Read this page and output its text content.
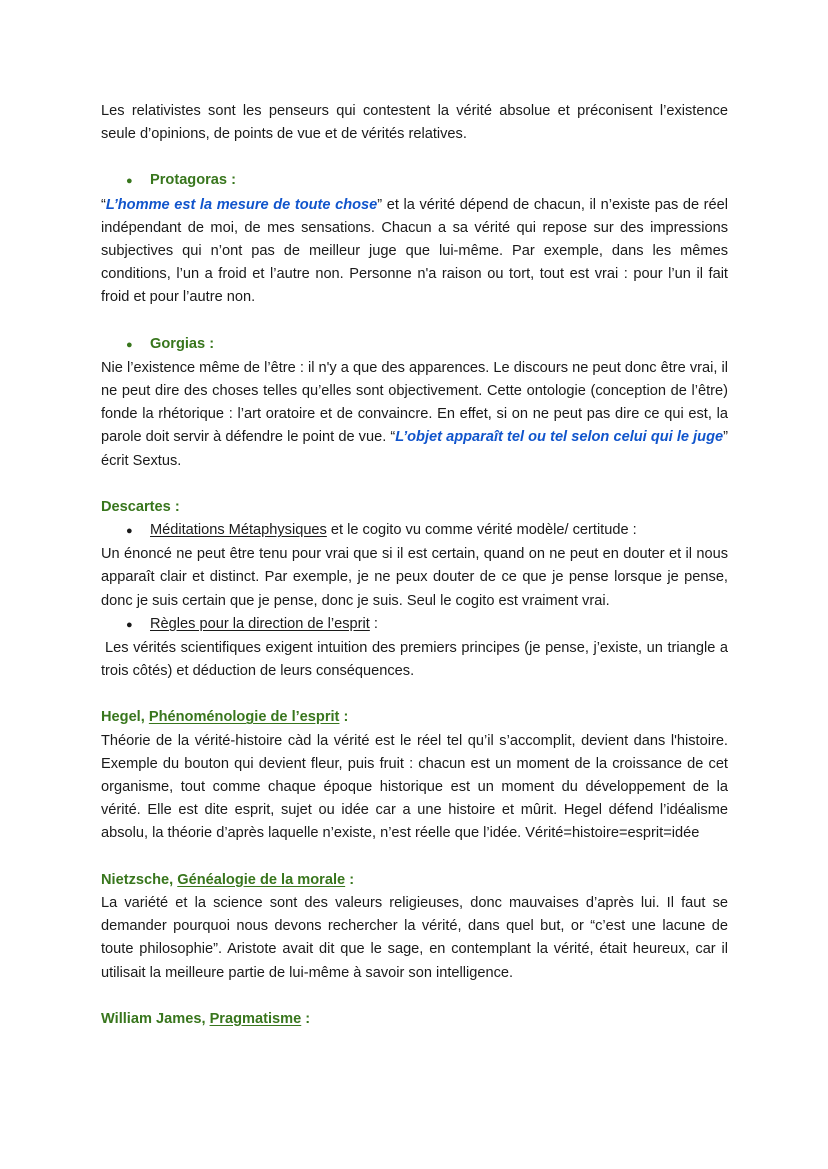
Les relativistes sont les penseurs qui contestent la vérité absolue et préconisent l’existence seule d’opinions, de points de vue et de vérités relatives.

●	Protagoras :

“L’homme est la mesure de toute chose” et la vérité dépend de chacun, il n’existe pas de réel indépendant de moi, de mes sensations. Chacun a sa vérité qui repose sur des impressions subjectives qui n’ont pas de meilleur juge que lui-même. Par exemple, dans les mêmes conditions, l’un a froid et l’autre non. Personne n'a raison ou tort, tout est vrai : pour l’un il fait froid et pour l’autre non.

●	Gorgias :

Nie l’existence même de l’être : il n'y a que des apparences. Le discours ne peut donc être vrai, il ne peut dire des choses telles qu’elles sont objectivement. Cette ontologie (conception de l’être) fonde la rhétorique : l’art oratoire et de convaincre. En effet, si on ne peut pas dire ce qui est, la parole doit servir à défendre le point de vue. “L’objet apparaît tel ou tel selon celui qui le juge” écrit Sextus.

Descartes :
●	Méditations Métaphysiques et le cogito vu comme vérité modèle/ certitude :

Un énoncé ne peut être tenu pour vrai que si il est certain, quand on ne peut en douter et il nous apparaît clair et distinct. Par exemple, je ne peux douter de ce que je pense lorsque je pense, donc je suis certain que je pense, donc je suis. Seul le cogito est vraiment vrai.

●	Règles pour la direction de l’esprit :

Les vérités scientifiques exigent intuition des premiers principes (je pense, j’existe, un triangle a trois côtés) et déduction de leurs conséquences.

Hegel, Phénoménologie de l’esprit :

Théorie de la vérité-histoire càd la vérité est le réel tel qu’il s’accomplit, devient dans l'histoire. Exemple du bouton qui devient fleur, puis fruit : chacun est un moment de la croissance de cet organisme, tout comme chaque époque historique est un moment du développement de la vérité. Elle est dite esprit, sujet ou idée car a une histoire et mûrit. Hegel défend l’idéalisme absolu, la théorie d’après laquelle n’existe, n’est réelle que l’idée. Vérité=histoire=esprit=idée

Nietzsche, Généalogie de la morale :

La variété et la science sont des valeurs religieuses, donc mauvaises d’après lui. Il faut se demander pourquoi nous devons rechercher la vérité, dans quel but, or “c’est une lacune de toute philosophie”. Aristote avait dit que le sage, en contemplant la vérité, était heureux, car il utilisait la meilleure partie de lui-même à savoir son intelligence.

William James, Pragmatisme :
